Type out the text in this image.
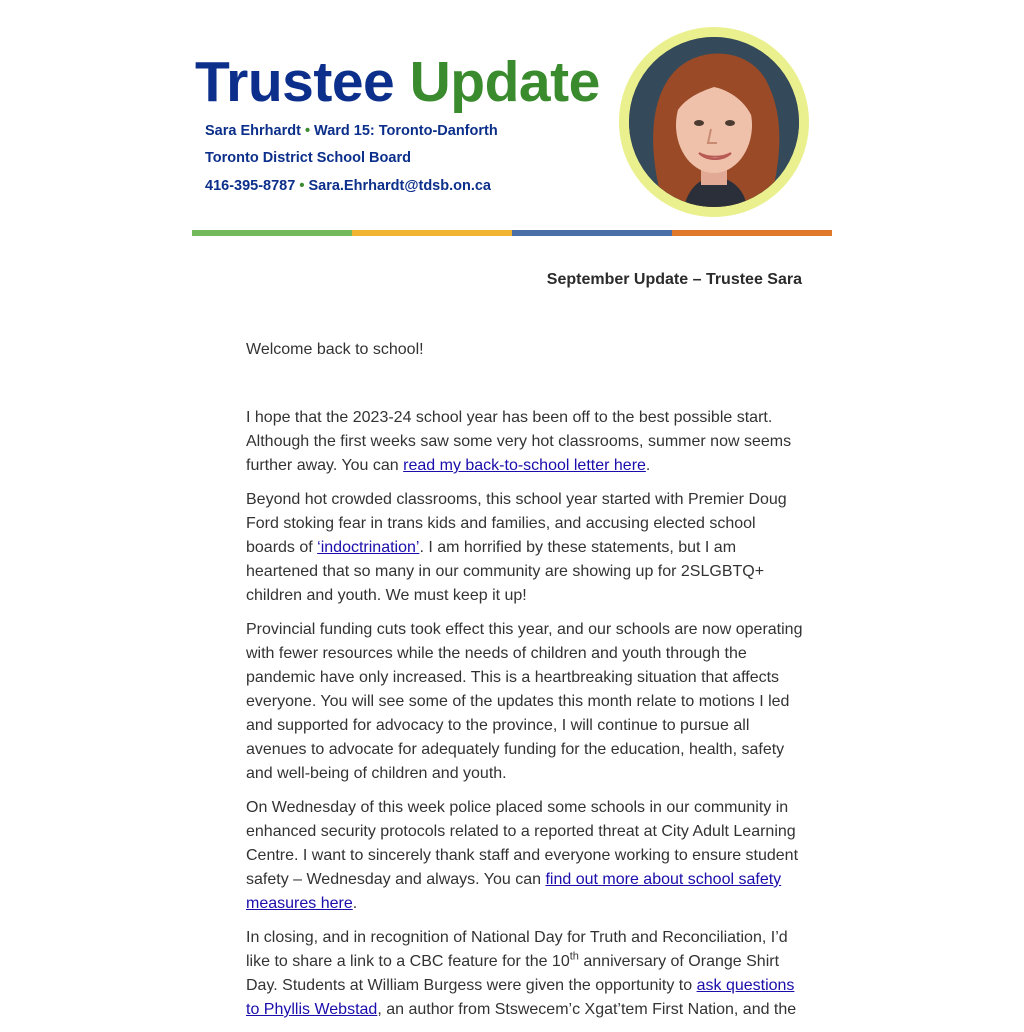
Trustee Update
Sara Ehrhardt • Ward 15: Toronto-Danforth
Toronto District School Board
416-395-8787 • Sara.Ehrhardt@tdsb.on.ca
September Update – Trustee Sara

Welcome back to school!

I hope that the 2023-24 school year has been off to the best possible start. Although the first weeks saw some very hot classrooms, summer now seems further away. You can read my back-to-school letter here.

Beyond hot crowded classrooms, this school year started with Premier Doug Ford stoking fear in trans kids and families, and accusing elected school boards of ‘indoctrination’. I am horrified by these statements, but I am heartened that so many in our community are showing up for 2SLGBTQ+ children and youth. We must keep it up!

Provincial funding cuts took effect this year, and our schools are now operating with fewer resources while the needs of children and youth through the pandemic have only increased. This is a heartbreaking situation that affects everyone. You will see some of the updates this month relate to motions I led and supported for advocacy to the province, I will continue to pursue all avenues to advocate for adequately funding for the education, health, safety and well-being of children and youth.

On Wednesday of this week police placed some schools in our community in enhanced security protocols related to a reported threat at City Adult Learning Centre. I want to sincerely thank staff and everyone working to ensure student safety – Wednesday and always. You can find out more about school safety measures here.

In closing, and in recognition of National Day for Truth and Reconciliation, I’d like to share a link to a CBC feature for the 10th anniversary of Orange Shirt Day. Students at William Burgess were given the opportunity to ask questions to Phyllis Webstad, an author from Stswecem’c Xgat’tem First Nation, and the
